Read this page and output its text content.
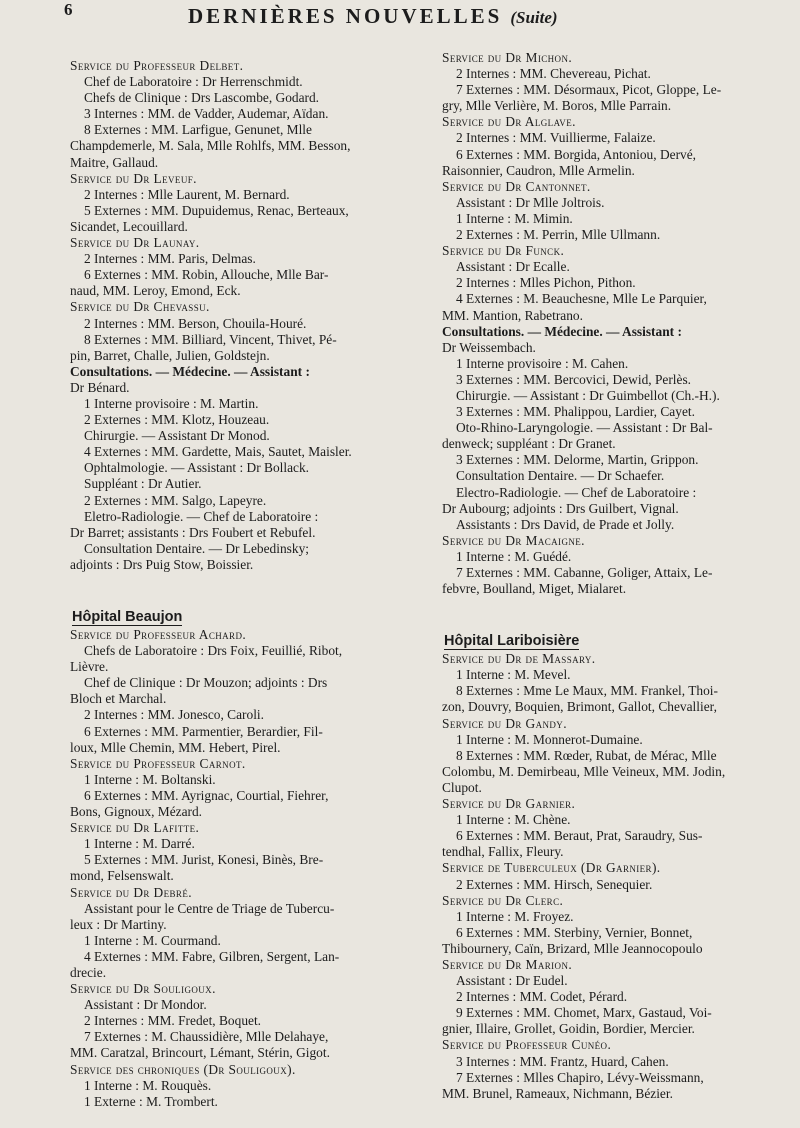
6	DERNIÈRES NOUVELLES (Suite)
Service du Professeur Delbet.
Chef de Laboratoire : Dr Herrenschmidt.
Chefs de Clinique : Drs Lascombe, Godard.
3 Internes : MM. de Vadder, Audemar, Aïdan.
8 Externes : MM. Larfigue, Genunet, Mlle
Champdemerle, M. Sala, Mlle Rohlfs, MM. Besson,
Maitre, Gallaud.
Service du Dr Leveuf.
2 Internes : Mlle Laurent, M. Bernard.
5 Externes : MM. Dupuidemus, Renac, Berteaux,
Sicandet, Lecouillard.
Service du Dr Launay.
2 Internes : MM. Paris, Delmas.
6 Externes : MM. Robin, Allouche, Mlle Bar-
naud, MM. Leroy, Emond, Eck.
Service du Dr Chevassu.
2 Internes : MM. Berson, Chouila-Houré.
8 Externes : MM. Billiard, Vincent, Thivet, Pé-
pin, Barret, Challe, Julien, Goldstejn.
Consultations. — Médecine. — Assistant :
Dr Bénard.
1 Interne provisoire : M. Martin.
2 Externes : MM. Klotz, Houzeau.
Chirurgie. — Assistant Dr Monod.
4 Externes : MM. Gardette, Mais, Sautet, Maisler.
Ophtalmologie. — Assistant : Dr Bollack.
Suppléant : Dr Autier.
2 Externes : MM. Salgo, Lapeyre.
Eletro-Radiologie. — Chef de Laboratoire :
Dr Barret; assistants : Drs Foubert et Rebufel.
Consultation Dentaire. — Dr Lebedinsky;
adjoints : Drs Puig Stow, Boissier.
Hôpital Beaujon
Service du Professeur Achard.
Chefs de Laboratoire : Drs Foix, Feuillié, Ribot,
Lièvre.
Chef de Clinique : Dr Mouzon; adjoints : Drs
Bloch et Marchal.
2 Internes : MM. Jonesco, Caroli.
6 Externes : MM. Parmentier, Berardier, Fil-
loux, Mlle Chemin, MM. Hebert, Pirel.
Service du Professeur Carnot.
1 Interne : M. Boltanski.
6 Externes : MM. Ayrignac, Courtial, Fiehrer,
Bons, Gignoux, Mézard.
Service du Dr Lafitte.
1 Interne : M. Darré.
5 Externes : MM. Jurist, Konesi, Binès, Bre-
mond, Felsenswalt.
Service du Dr Debré.
Assistant pour le Centre de Triage de Tubercu-
leux : Dr Martiny.
1 Interne : M. Courmand.
4 Externes : MM. Fabre, Gilbren, Sergent, Lan-
drecie.
Service du Dr Souligoux.
Assistant : Dr Mondor.
2 Internes : MM. Fredet, Boquet.
7 Externes : M. Chaussidière, Mlle Delahaye,
MM. Caratzal, Brincourt, Lémant, Stérin, Gigot.
Service des chroniques (Dr Souligoux).
1 Interne : M. Rouquès.
1 Externe : M. Trombert.
Service du Dr Michon.
2 Internes : MM. Chevereau, Pichat.
7 Externes : MM. Désormaux, Picot, Gloppe, Le-
gry, Mlle Verlière, M. Boros, Mlle Parrain.
Service du Dr Alglave.
2 Internes : MM. Vuillierme, Falaize.
6 Externes : MM. Borgida, Antoniou, Dervé,
Raisonnier, Caudron, Mlle Armelin.
Service du Dr Cantonnet.
Assistant : Dr Mlle Joltrois.
1 Interne : M. Mimin.
2 Externes : M. Perrin, Mlle Ullmann.
Service du Dr Funck.
Assistant : Dr Ecalle.
2 Internes : Mlles Pichon, Pithon.
4 Externes : M. Beauchesne, Mlle Le Parquier,
MM. Mantion, Rabetrano.
Consultations. — Médecine. — Assistant :
Dr Weissembach.
1 Interne provisoire : M. Cahen.
3 Externes : MM. Bercovici, Dewid, Perlès.
Chirurgie. — Assistant : Dr Guimbellot (Ch.-H.).
3 Externes : MM. Phalippou, Lardier, Cayet.
Oto-Rhino-Laryngologie. — Assistant : Dr Bal-
denweck; suppléant : Dr Granet.
3 Externes : MM. Delorme, Martin, Grippon.
Consultation Dentaire. — Dr Schaefer.
Electro-Radiologie. — Chef de Laboratoire :
Dr Aubourg; adjoints : Drs Guilbert, Vignal.
Assistants : Drs David, de Prade et Jolly.
Service du Dr Macaigne.
1 Interne : M. Guédé.
7 Externes : MM. Cabanne, Goliger, Attaix, Le-
febvre, Boulland, Miget, Mialaret.
Hôpital Lariboisière
Service du Dr de Massary.
1 Interne : M. Mevel.
8 Externes : Mme Le Maux, MM. Frankel, Thoi-
zon, Douvry, Boquien, Brimont, Gallot, Chevallier,
Service du Dr Gandy.
1 Interne : M. Monnerot-Dumaine.
8 Externes : MM. Rœder, Rubat, de Mérac, Mlle
Colombu, M. Demirbeau, Mlle Veineux, MM. Jodin,
Clupot.
Service du Dr Garnier.
1 Interne : M. Chène.
6 Externes : MM. Beraut, Prat, Saraudry, Sus-
tendhal, Fallix, Fleury.
Service de Tuberculeux (Dr Garnier).
2 Externes : MM. Hirsch, Senequier.
Service du Dr Clerc.
1 Interne : M. Froyez.
6 Externes : MM. Sterbiny, Vernier, Bonnet,
Thibournery, Caïn, Brizard, Mlle Jeannocopoulo
Service du Dr Marion.
Assistant : Dr Eudel.
2 Internes : MM. Codet, Pérard.
9 Externes : MM. Chomet, Marx, Gastaud, Voi-
gnier, Illaire, Grollet, Goidin, Bordier, Mercier.
Service du Professeur Cunéo.
3 Internes : MM. Frantz, Huard, Cahen.
7 Externes : Mlles Chapiro, Lévy-Weissmann,
MM. Brunel, Rameaux, Nichmann, Bézier.
